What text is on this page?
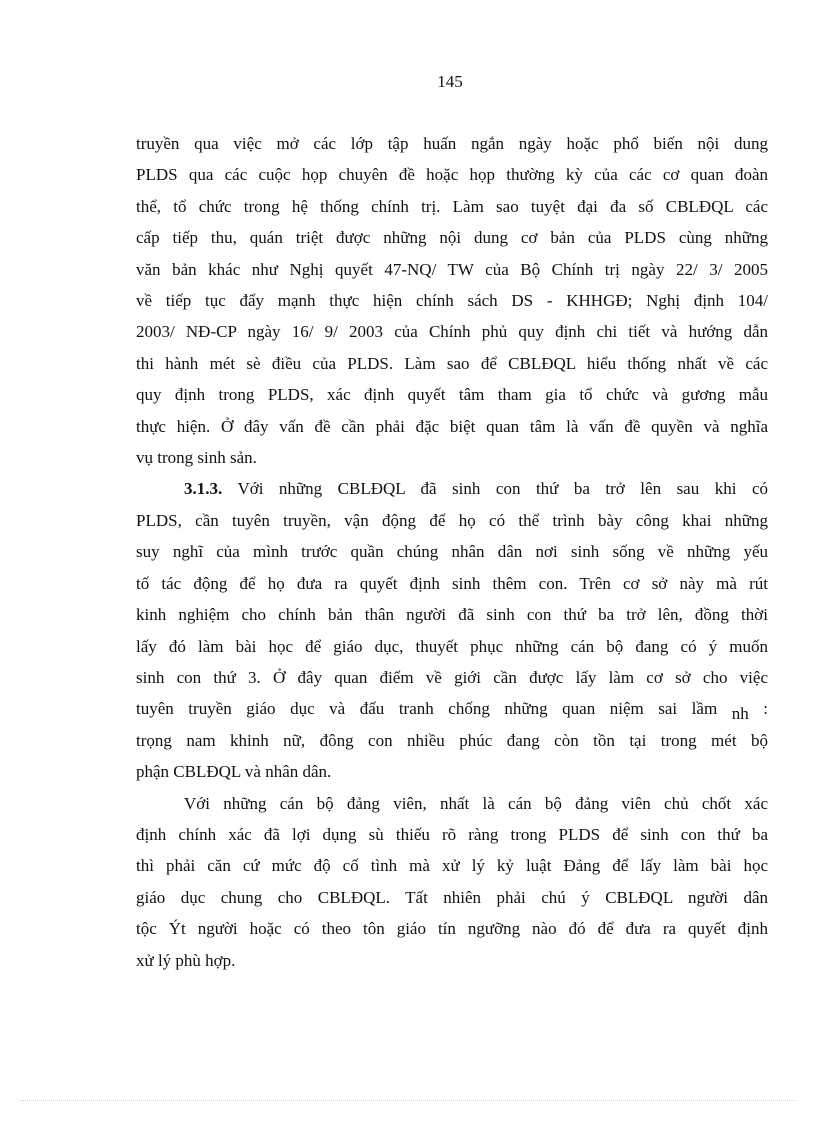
145

truyền qua việc mở các lớp tập huấn ngắn ngày hoặc phổ biến nội dung
PLDS qua các cuộc họp chuyên đề hoặc họp thường kỳ của các cơ quan đoàn
thể, tổ chức trong hệ thống chính trị. Làm sao tuyệt đại đa số CBLĐQL các
cấp tiếp thu, quán triệt được những nội dung cơ bản của PLDS cùng những
văn bản khác như Nghị quyết 47-NQ/ TW của Bộ Chính trị ngày 22/ 3/ 2005
về tiếp tục đẩy mạnh thực hiện chính sách DS - KHHGĐ; Nghị định 104/
2003/ NĐ-CP ngày 16/ 9/ 2003 của Chính phủ quy định chi tiết và hướng dẫn
thi hành mét sè điều của PLDS. Làm sao để CBLĐQL hiểu thống nhất về các
quy định trong PLDS, xác định quyết tâm tham gia tổ chức và gương mẫu
thực hiện. Ở đây vấn đề cần phải đặc biệt quan tâm là vấn đề quyền và nghĩa
vụ trong sinh sản.

3.1.3. Với những CBLĐQL đã sinh con thứ ba trở lên sau khi có
PLDS, cần tuyên truyền, vận động để họ có thể trình bày công khai những
suy nghĩ của mình trước quần chúng nhân dân nơi sinh sống về những yếu
tố tác động để họ đưa ra quyết định sinh thêm con. Trên cơ sở này mà rút
kinh nghiệm cho chính bản thân người đã sinh con thứ ba trở lên, đồng thời
lấy đó làm bài học để giáo dục, thuyết phục những cán bộ đang có ý muốn
sinh con thứ 3. Ở đây quan điểm về giới cần được lấy làm cơ sở cho việc
tuyên truyền giáo dục và đấu tranh chống những quan niệm sai lầm nh :
trọng nam khinh nữ, đông con nhiều phúc đang còn tồn tại trong mét bộ
phận CBLĐQL và nhân dân.

Với những cán bộ đảng viên, nhất là cán bộ đảng viên chủ chốt xác
định chính xác đã lợi dụng sù thiếu rõ ràng trong PLDS để sinh con thứ ba
thì phải căn cứ mức độ cố tình mà xử lý kỷ luật Đảng để lấy làm bài học
giáo dục chung cho CBLĐQL. Tất nhiên phải chú ý CBLĐQL người dân
tộc Ýt người hoặc có theo tôn giáo tín ngưỡng nào đó để đưa ra quyết định
xử lý phù hợp.
